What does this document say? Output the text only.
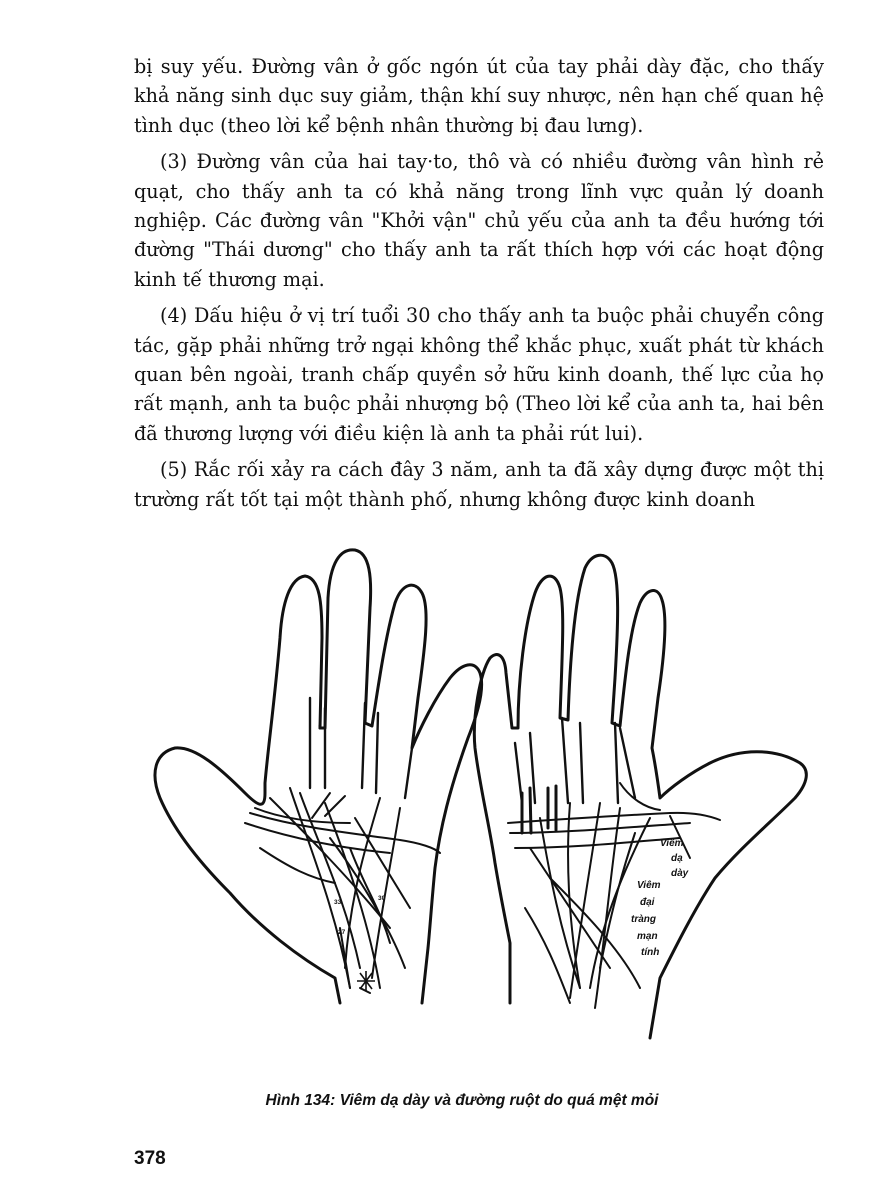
bị suy yếu. Đường vân ở gốc ngón út của tay phải dày đặc, cho thấy khả năng sinh dục suy giảm, thận khí suy nhược, nên hạn chế quan hệ tình dục (theo lời kể bệnh nhân thường bị đau lưng).

(3) Đường vân của hai tay·to, thô và có nhiều đường vân hình rẻ quạt, cho thấy anh ta có khả năng trong lĩnh vực quản lý doanh nghiệp. Các đường vân "Khởi vận" chủ yếu của anh ta đều hướng tới đường "Thái dương" cho thấy anh ta rất thích hợp với các hoạt động kinh tế thương mại.

(4) Dấu hiệu ở vị trí tuổi 30 cho thấy anh ta buộc phải chuyển công tác, gặp phải những trở ngại không thể khắc phục, xuất phát từ khách quan bên ngoài, tranh chấp quyền sở hữu kinh doanh, thế lực của họ rất mạnh, anh ta buộc phải nhượng bộ (Theo lời kể của anh ta, hai bên đã thương lượng với điều kiện là anh ta phải rút lui).

(5) Rắc rối xảy ra cách đây 3 năm, anh ta đã xây dựng được một thị trường rất tốt tại một thành phố, nhưng không được kinh doanh

33
30
27
Viêm
dạ
dày
Viêm
đại
tràng
mạn
tính
Hình 134: Viêm dạ dày và đường ruột do quá mệt mỏi
378
